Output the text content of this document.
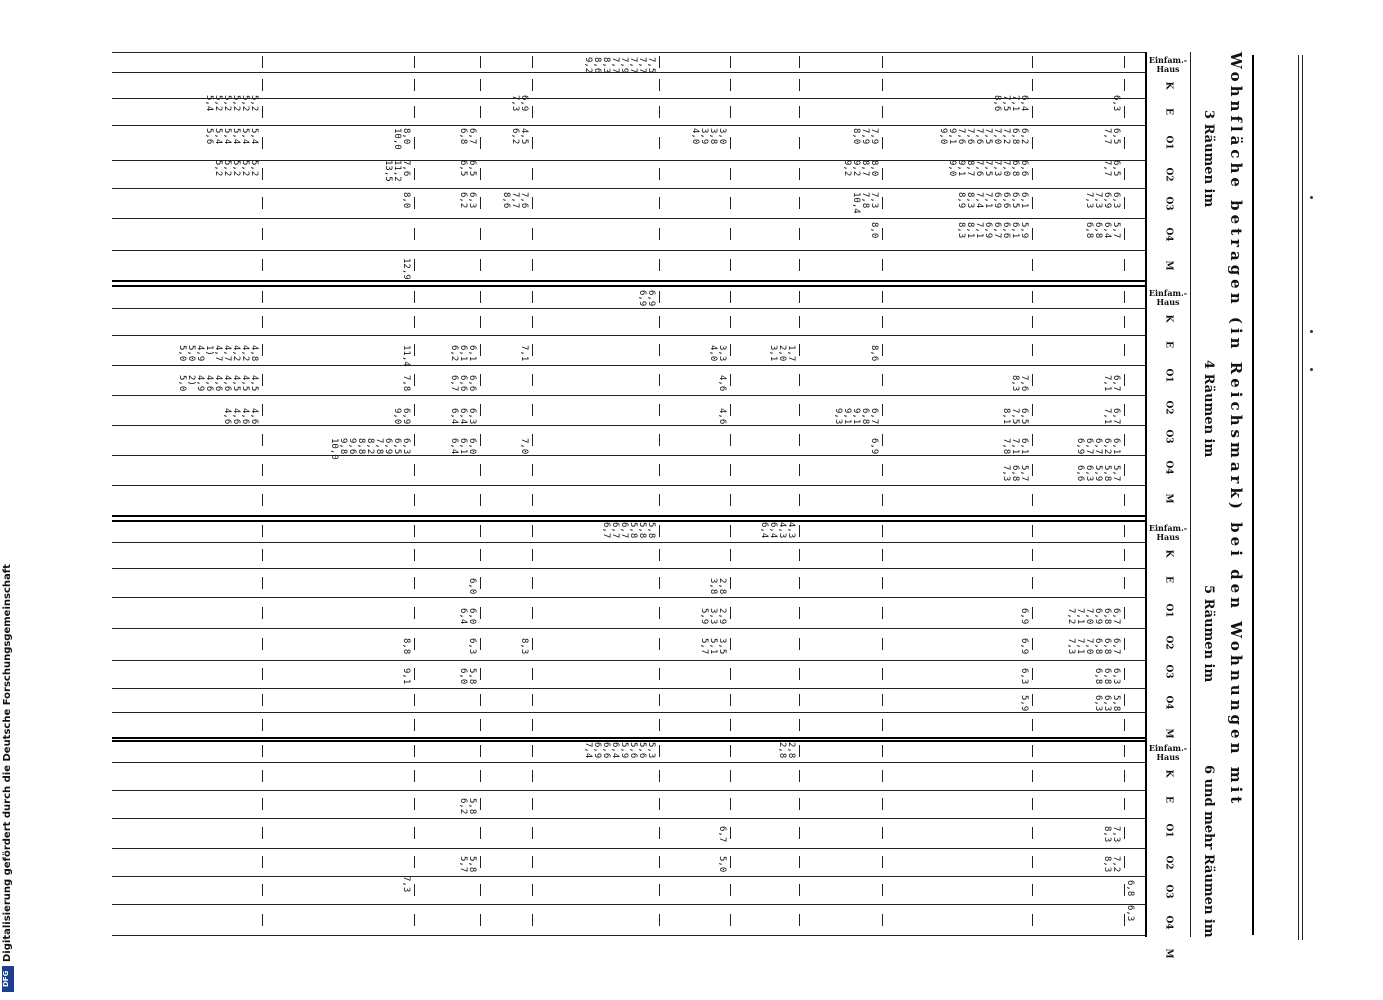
Wohnfläche betragen (in Reichsmark) bei den Wohnungen mit
3 Räumen im
4 Räumen im
5 Räumen im
6 und mehr Räumen im
Einfam.-Haus
K
E
O1
O2
O3
O4
M
Einfam.-Haus
K
E
O1
O2
O3
O4
M
Einfam.-Haus
K
E
O1
O2
O3
O4
M
Einfam.-Haus
K
E
O1
O2
O3
O4
M
7,5
7,7
7,7
7,9
7,7
8,3
8,6
9,2
6,3
6,4
7,1
7,5
8,6
6,9
7,3
5,2
5,2
5,2
5,2
5,2
5,4
6,5
7,7
6,2
6,8
7,2
7,0
7,5
7,6
7,6
7,6
9,1
9,0
7,9
7,9
8,0
3,0
3,8
3,9
4,0
4,5
6,2
6,7
6,8
8,0
10,0
5,4
5,4
5,4
5,4
5,4
5,6
6,5
7,7
6,6
6,8
7,0
7,3
7,5
7,6
8,7
9,1
9,0
8,0
8,7
9,2
9,2
6,5
6,5
7,6
11,2
13,5
5,2
5,2
5,2
5,2
5,2
6,3
6,9
7,3
7,3
6,1
6,5
6,6
6,9
7,1
7,4
8,3
8,9
7,3
7,8
10,4
7,6
7,7
8,6
6,3
6,2
8,0
5,7
6,4
6,8
6,8
5,9
6,1
6,6
6,7
6,9
7,1
8,1
8,3
8,0
12,9
6,9
6,9
8,6
1,7
2,0
3,1
3,3
4,0
7,1
6,1
6,1
6,2
11,4
4,8
4,2
4,2
4,7
4,7
1)
4,9
5,0
5,0
6,7
7,1
7,6
8,3
4,6
6,6
6,6
6,7
7,8
4,5
4,5
4,5
4,6
4,6
4,6
4,9
2)
5,0
6,7
7,1
6,5
7,5
8,1
6,7
6,8
9,1
9,1
9,3
4,6
6,3
6,4
6,4
6,9
9,0
4,6
4,6
4,6
4,6
6,1
6,2
6,7
6,7
6,9
6,1
7,1
7,8
6,9
7,0
6,0
6,1
6,4
6,3
6,5
6,9
7,8
8,2
8,8
9,6
9,8
10,0
5,7
5,8
5,9
6,3
6,6
5,7
6,8
7,3
4,3
4,3
6,4
6,4
5,8
5,8
5,8
6,7
6,7
6,7
2,8
3,8
6,0
6,7
6,8
6,9
7,0
7,1
7,2
6,9
2,9
3,3
5,9
6,0
6,4
6,7
6,8
6,8
7,0
7,1
7,3
6,9
3,5
5,1
5,7
6,3
8,8	8,3
6,3
6,8
6,8
6,3
5,8
6,0
9,1
5,8
6,3
6,3
5,9
2,8
2,8
5,3
5,6
5,6
5,9
6,4
6,6
6,9
7,4
5,8
6,2
7,3
8,3
6,7
7,2
8,3
5,0
5,8
5,7
7,3	6,8
6,3
Digitalisierung gefördert durch die Deutsche Forschungsgemeinschaft
DFG
